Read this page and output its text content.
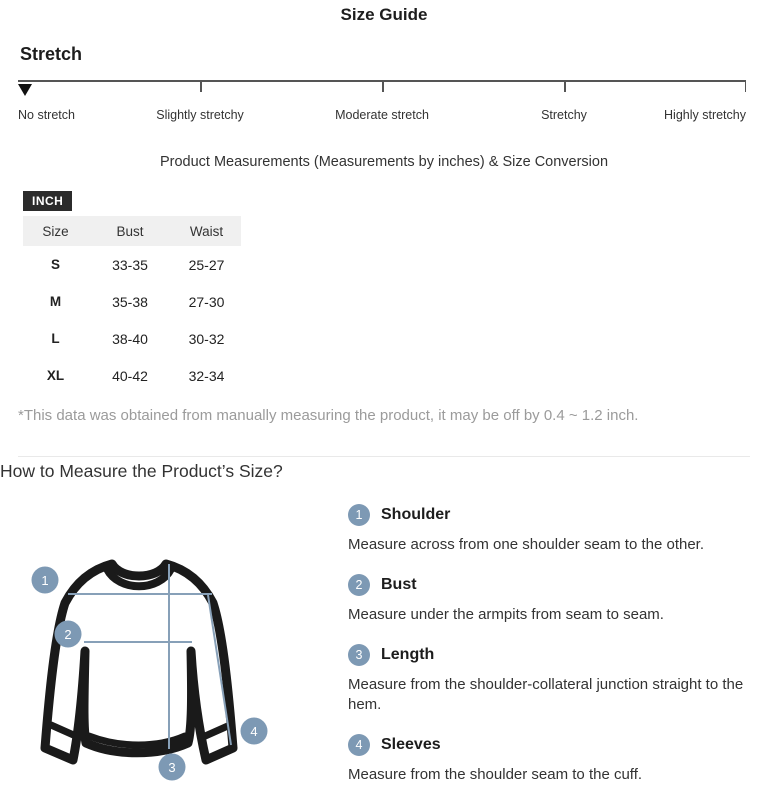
Size Guide
Stretch
No stretch	Slightly stretchy	Moderate stretch	Stretchy	Highly stretchy
Product Measurements (Measurements by inches) & Size Conversion
INCH
Size	Bust	Waist
S	33-35	25-27
M	35-38	27-30
L	38-40	30-32
XL	40-42	32-34
*This data was obtained from manually measuring the product, it may be off by 0.4 ~ 1.2 inch.
How to Measure the Product’s Size?
1
2
3
4
1	Shoulder
Measure across from one shoulder seam to the other.
2	Bust
Measure under the armpits from seam to seam.
3	Length
Measure from the shoulder-collateral junction straight to the hem.
4	Sleeves
Measure from the shoulder seam to the cuff.
